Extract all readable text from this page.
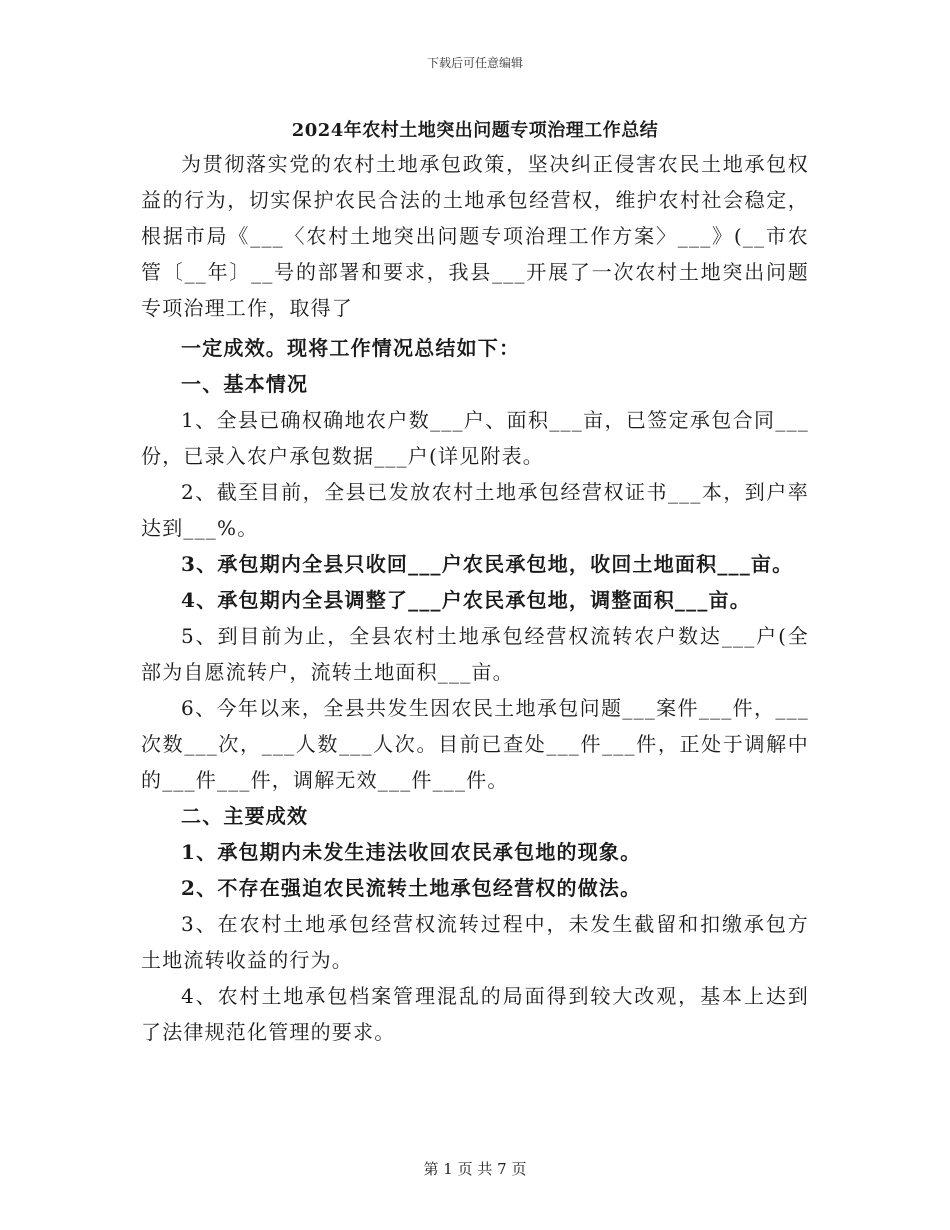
下载后可任意编辑
2024年农村土地突出问题专项治理工作总结

为贯彻落实党的农村土地承包政策，坚决纠正侵害农民土地承包权益的行为，切实保护农民合法的土地承包经营权，维护农村社会稳定，根据市局《___〈农村土地突出问题专项治理工作方案〉___》(__市农管〔__年〕__号的部署和要求，我县___开展了一次农村土地突出问题专项治理工作，取得了

一定成效。现将工作情况总结如下：

一、基本情况

1、全县已确权确地农户数___户、面积___亩，已签定承包合同___份，已录入农户承包数据___户(详见附表。

2、截至目前，全县已发放农村土地承包经营权证书___本，到户率达到___%。

3、承包期内全县只收回___户农民承包地，收回土地面积___亩。

4、承包期内全县调整了___户农民承包地，调整面积___亩。

5、到目前为止，全县农村土地承包经营权流转农户数达___户(全部为自愿流转户，流转土地面积___亩。

6、今年以来，全县共发生因农民土地承包问题___案件___件，___次数___次，___人数___人次。目前已查处___件___件，正处于调解中的___件___件，调解无效___件___件。

二、主要成效

1、承包期内未发生违法收回农民承包地的现象。

2、不存在强迫农民流转土地承包经营权的做法。

3、在农村土地承包经营权流转过程中，未发生截留和扣缴承包方土地流转收益的行为。

4、农村土地承包档案管理混乱的局面得到较大改观，基本上达到了法律规范化管理的要求。

第 1 页 共 7 页
